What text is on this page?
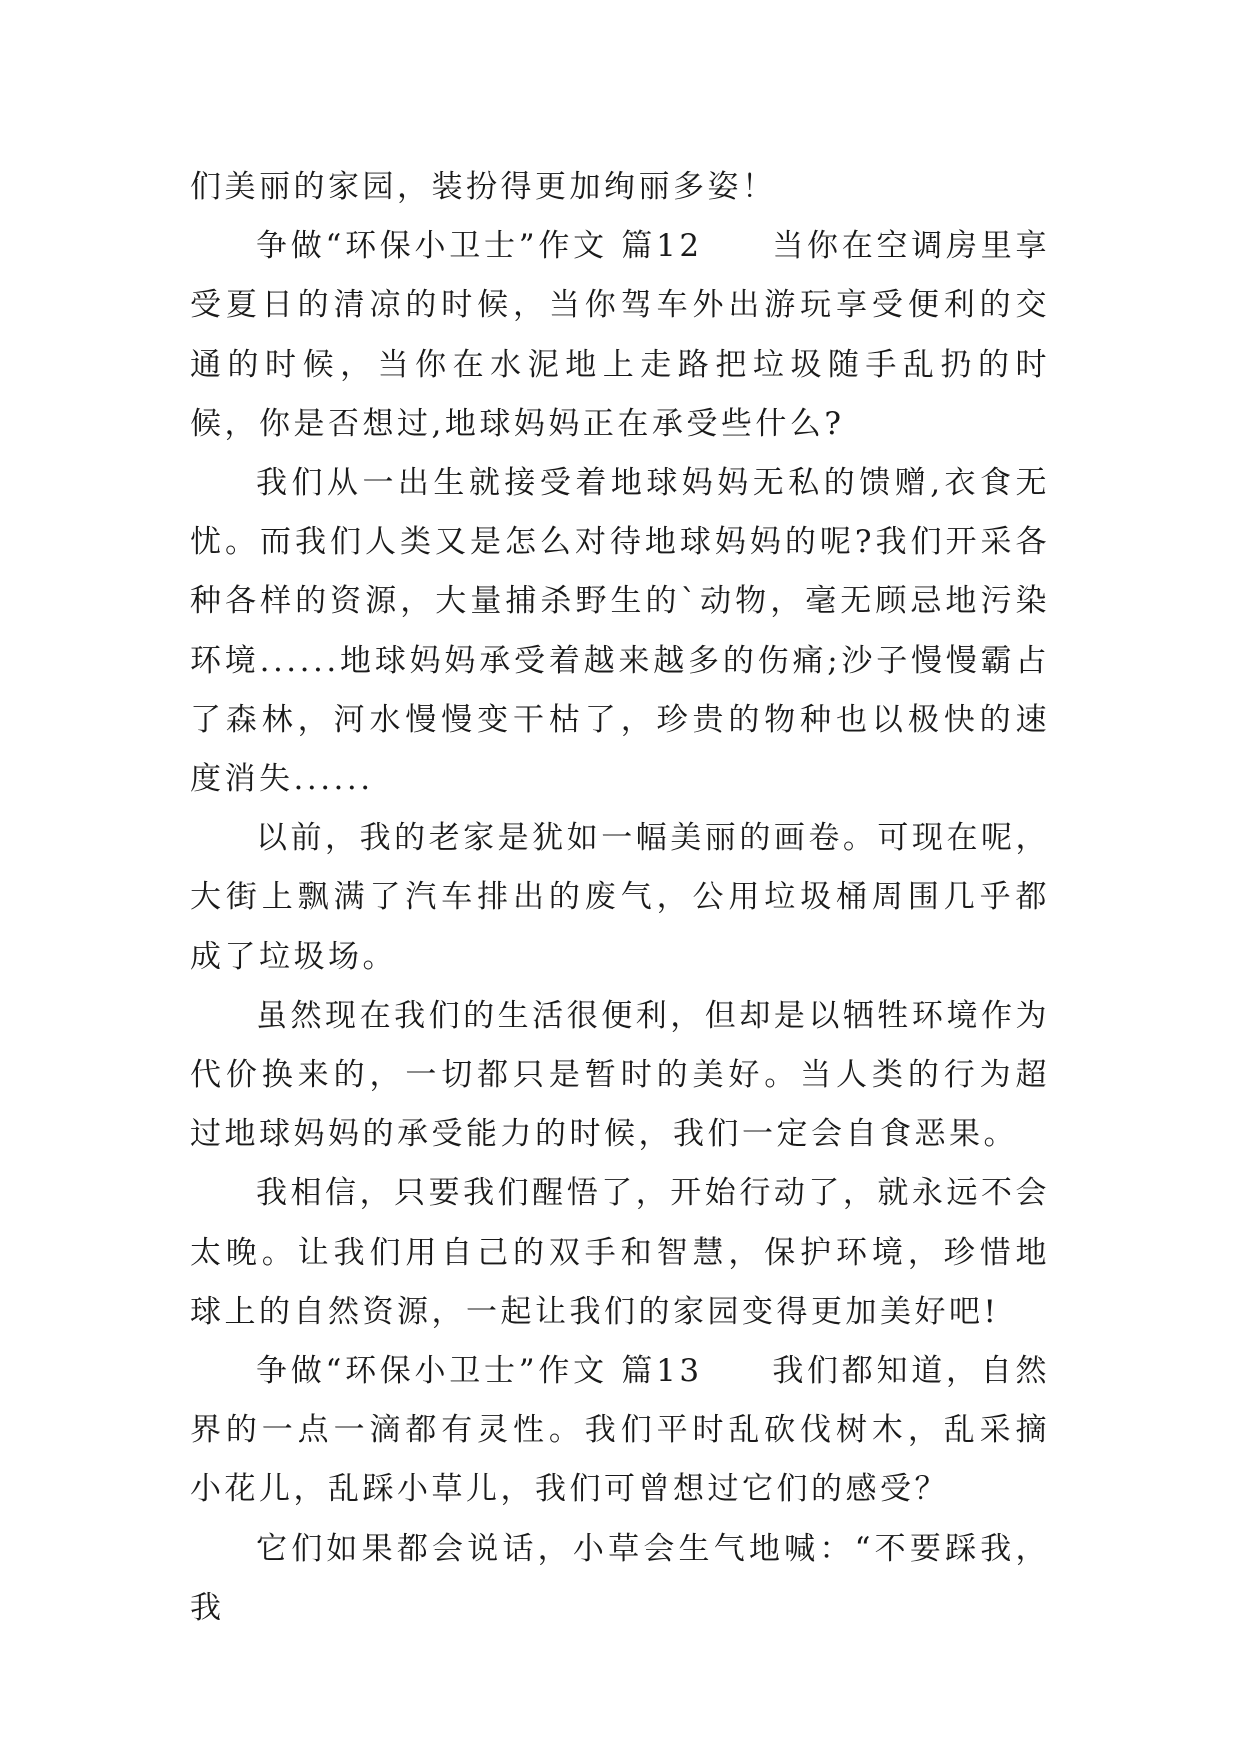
们美丽的家园，装扮得更加绚丽多姿！

争做“环保小卫士”作文 篇12　　当你在空调房里享受夏日的清凉的时候，当你驾车外出游玩享受便利的交通的时候，当你在水泥地上走路把垃圾随手乱扔的时候，你是否想过,地球妈妈正在承受些什么?

我们从一出生就接受着地球妈妈无私的馈赠,衣食无忧。而我们人类又是怎么对待地球妈妈的呢?我们开采各种各样的资源，大量捕杀野生的`动物，毫无顾忌地污染环境......地球妈妈承受着越来越多的伤痛;沙子慢慢霸占了森林，河水慢慢变干枯了，珍贵的物种也以极快的速度消失......

以前，我的老家是犹如一幅美丽的画卷。可现在呢，大街上飘满了汽车排出的废气，公用垃圾桶周围几乎都成了垃圾场。

虽然现在我们的生活很便利，但却是以牺牲环境作为代价换来的，一切都只是暂时的美好。当人类的行为超过地球妈妈的承受能力的时候，我们一定会自食恶果。

我相信，只要我们醒悟了，开始行动了，就永远不会太晚。让我们用自己的双手和智慧，保护环境，珍惜地球上的自然资源，一起让我们的家园变得更加美好吧!

争做“环保小卫士”作文 篇13　　我们都知道，自然界的一点一滴都有灵性。我们平时乱砍伐树木，乱采摘小花儿，乱踩小草儿，我们可曾想过它们的感受？

它们如果都会说话，小草会生气地喊：“不要踩我，我
